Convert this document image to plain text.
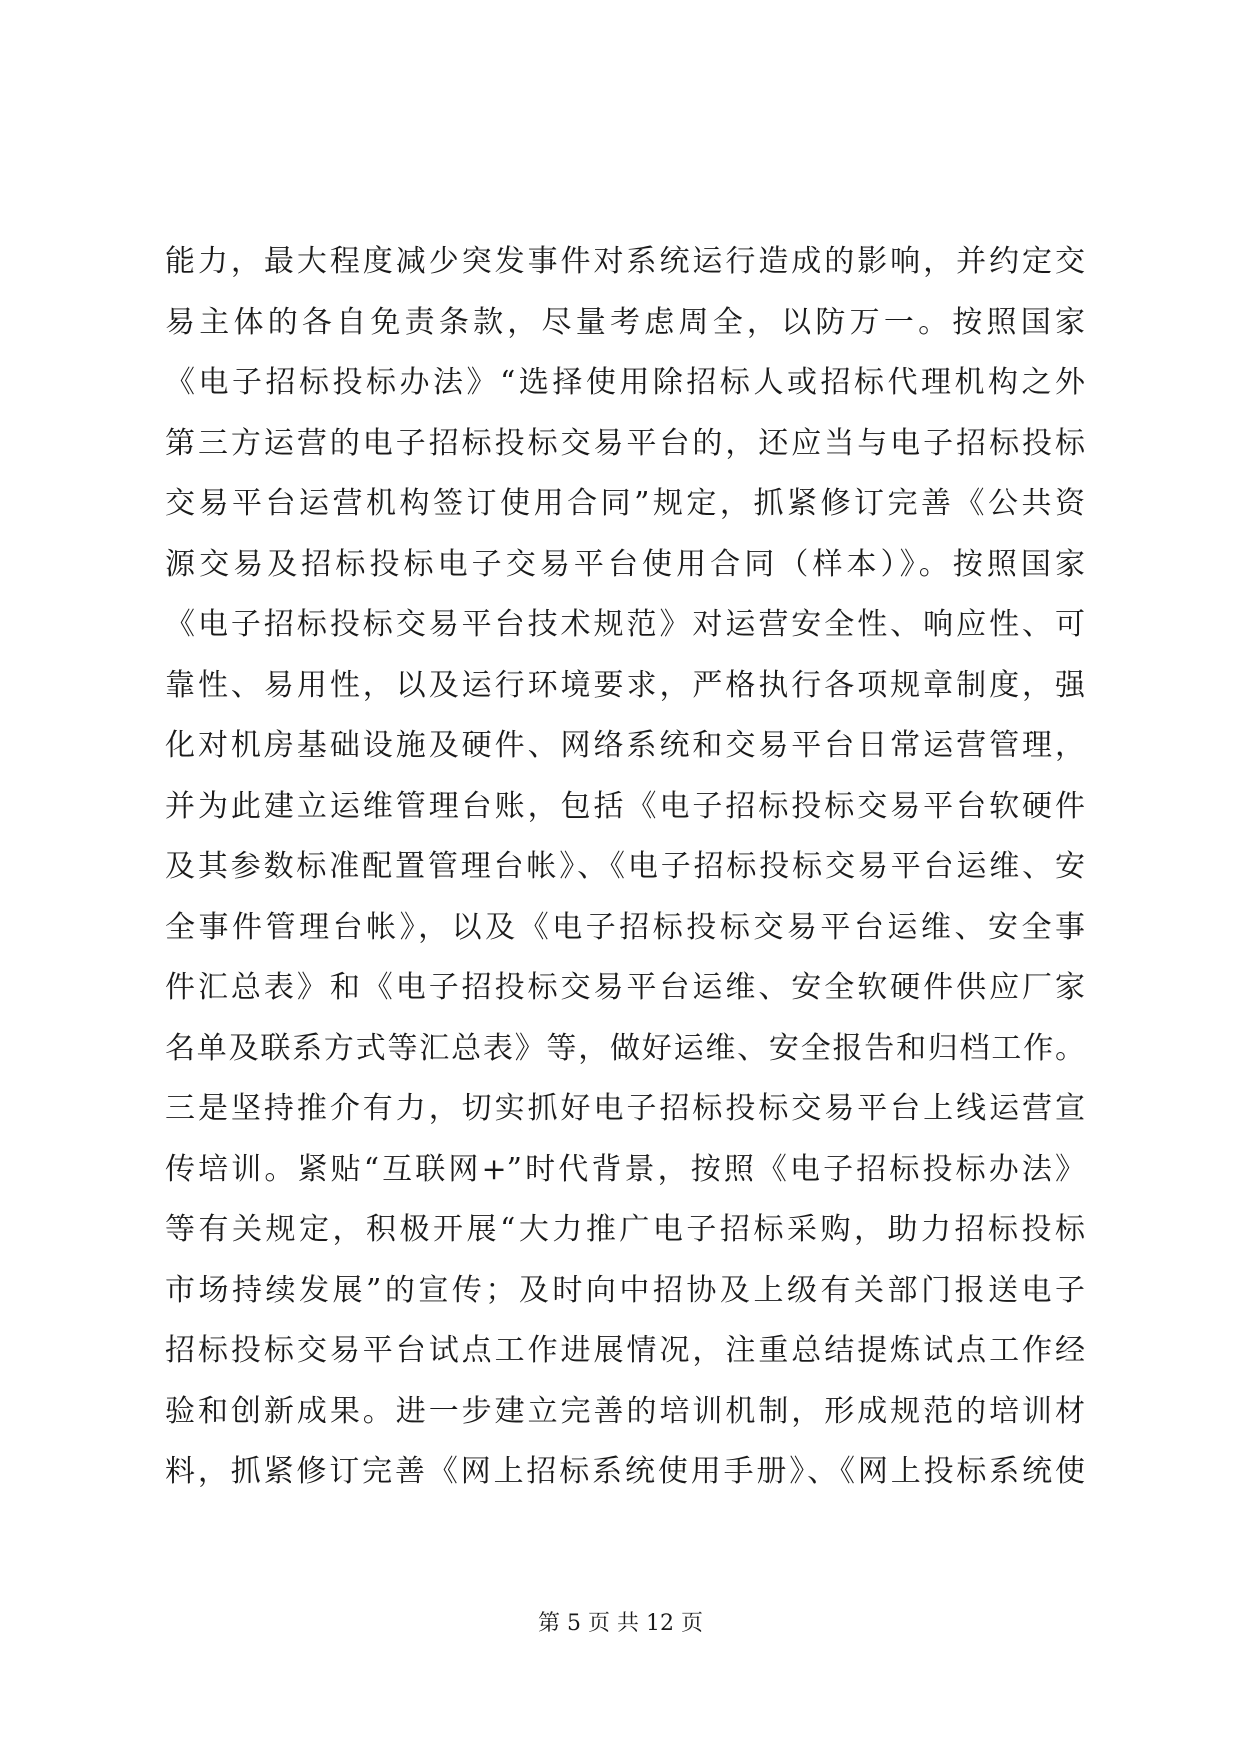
能力，最大程度减少突发事件对系统运行造成的影响，并约定交
易主体的各自免责条款，尽量考虑周全，以防万一。按照国家
《电子招标投标办法》“选择使用除招标人或招标代理机构之外
第三方运营的电子招标投标交易平台的，还应当与电子招标投标
交易平台运营机构签订使用合同”规定，抓紧修订完善《公共资
源交易及招标投标电子交易平台使用合同（样本）》。按照国家
《电子招标投标交易平台技术规范》对运营安全性、响应性、可
靠性、易用性，以及运行环境要求，严格执行各项规章制度，强
化对机房基础设施及硬件、网络系统和交易平台日常运营管理，
并为此建立运维管理台账，包括《电子招标投标交易平台软硬件
及其参数标准配置管理台帐》、《电子招标投标交易平台运维、安
全事件管理台帐》，以及《电子招标投标交易平台运维、安全事
件汇总表》和《电子招投标交易平台运维、安全软硬件供应厂家
名单及联系方式等汇总表》等，做好运维、安全报告和归档工作。
三是坚持推介有力，切实抓好电子招标投标交易平台上线运营宣
传培训。紧贴“互联网+”时代背景，按照《电子招标投标办法》
等有关规定，积极开展“大力推广电子招标采购，助力招标投标
市场持续发展”的宣传；及时向中招协及上级有关部门报送电子
招标投标交易平台试点工作进展情况，注重总结提炼试点工作经
验和创新成果。进一步建立完善的培训机制，形成规范的培训材
料，抓紧修订完善《网上招标系统使用手册》、《网上投标系统使
第 5 页 共 12 页
